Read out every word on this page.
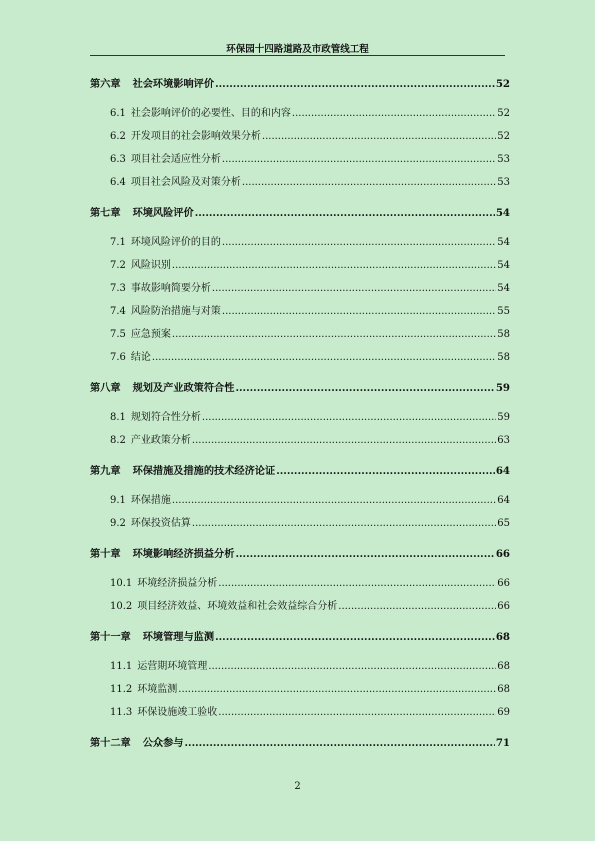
环保园十四路道路及市政管线工程
第六章 社会环境影响评价 .....	52
6.1 社会影响评价的必要性、目的和内容 .....	52
6.2 开发项目的社会影响效果分析 .....	52
6.3 项目社会适应性分析 .....	53
6.4 项目社会风险及对策分析 .....	53
第七章 环境风险评价 .....	54
7.1 环境风险评价的目的 .....	54
7.2 风险识别 .....	54
7.3 事故影响简要分析 .....	54
7.4 风险防治措施与对策 .....	55
7.5 应急预案 .....	58
7.6 结论 .....	58
第八章 规划及产业政策符合性 .....	59
8.1 规划符合性分析 .....	59
8.2 产业政策分析 .....	63
第九章 环保措施及措施的技术经济论证 .....	64
9.1 环保措施 .....	64
9.2 环保投资估算 .....	65
第十章 环境影响经济损益分析 .....	66
10.1 环境经济损益分析 .....	66
10.2 项目经济效益、环境效益和社会效益综合分析 .....	66
第十一章 环境管理与监测 .....	68
11.1 运营期环境管理 .....	68
11.2 环境监测 .....	68
11.3 环保设施竣工验收 .....	69
第十二章 公众参与 .....	71
2
